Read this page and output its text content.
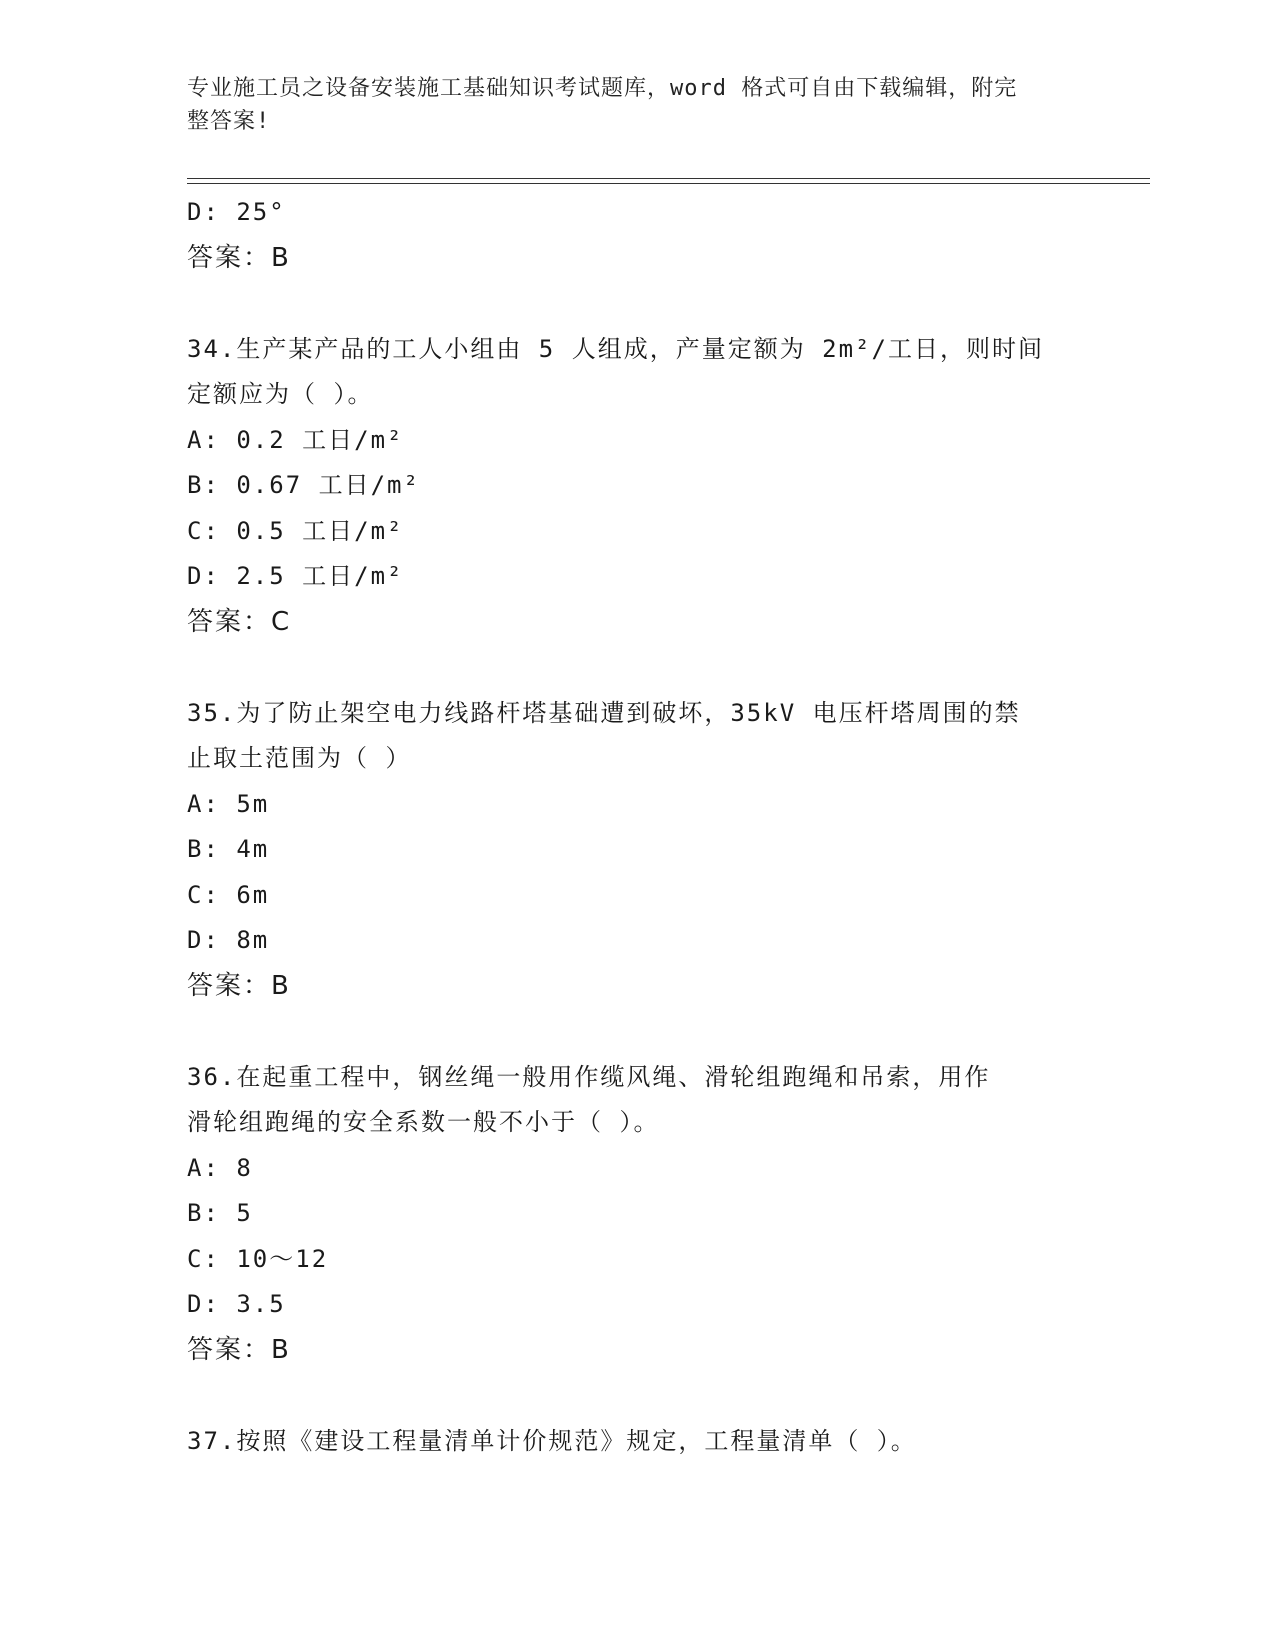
专业施工员之设备安装施工基础知识考试题库，word 格式可自由下载编辑，附完
整答案!
D: 25°
答案：B
34.生产某产品的工人小组由 5 人组成，产量定额为 2m²/工日，则时间
定额应为（ ）。
A: 0.2 工日/m²
B: 0.67 工日/m²
C: 0.5 工日/m²
D: 2.5 工日/m²
答案：C
35.为了防止架空电力线路杆塔基础遭到破坏，35kV 电压杆塔周围的禁
止取土范围为（ ）
A: 5m
B: 4m
C: 6m
D: 8m
答案：B
36.在起重工程中，钢丝绳一般用作缆风绳、滑轮组跑绳和吊索，用作
滑轮组跑绳的安全系数一般不小于（ ）。
A: 8
B: 5
C: 10～12
D: 3.5
答案：B
37.按照《建设工程量清单计价规范》规定，工程量清单（ ）。
